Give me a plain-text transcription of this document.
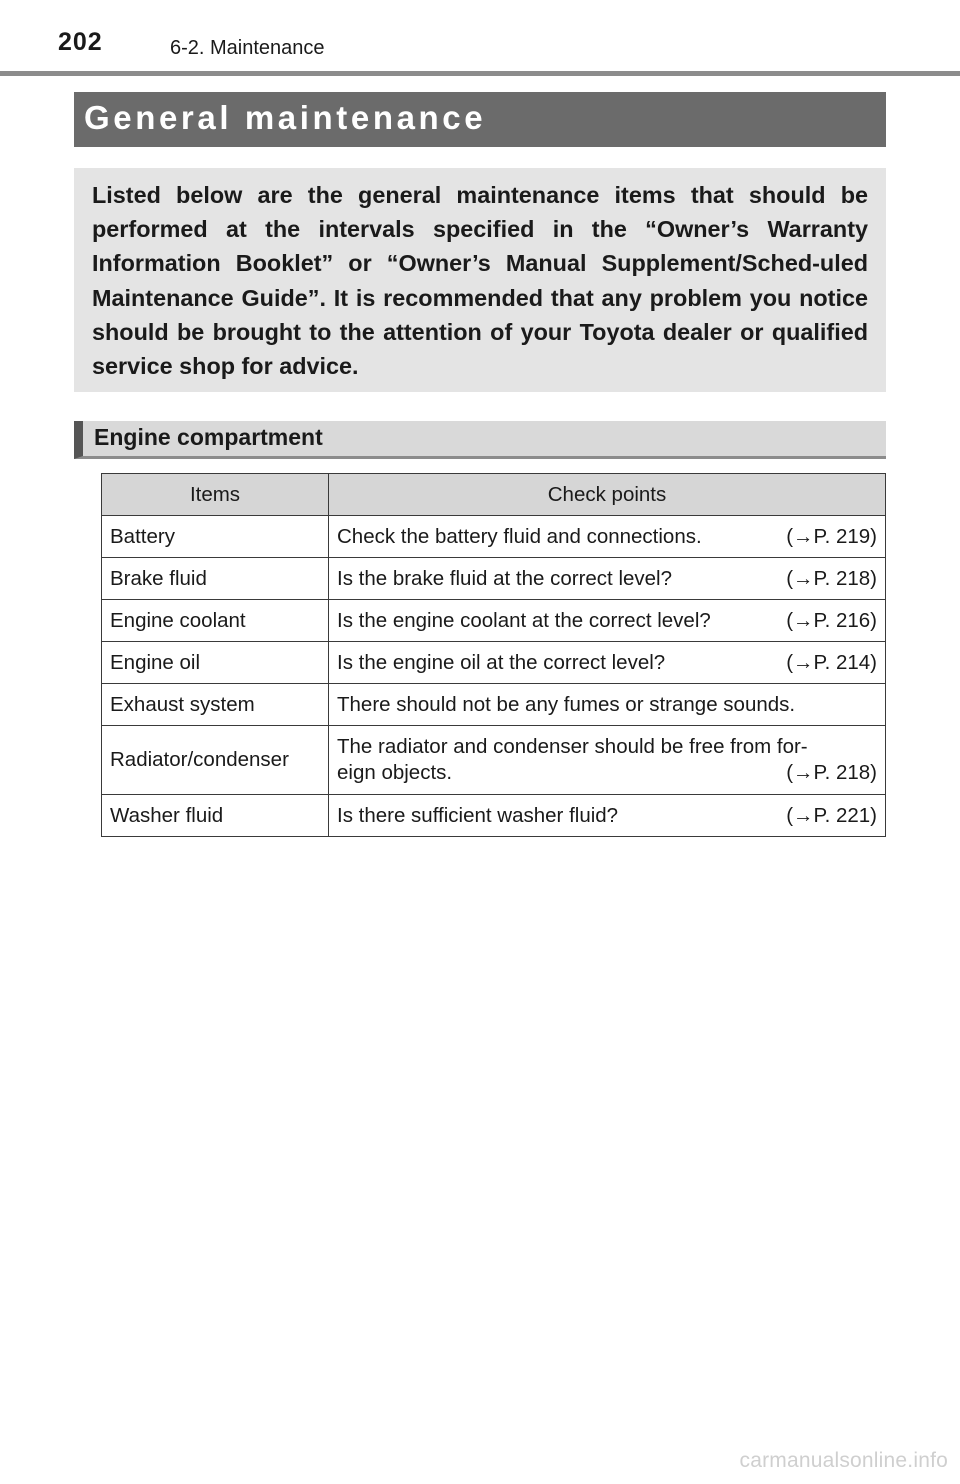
202	6-2. Maintenance
General maintenance

Listed below are the general maintenance items that should be performed at the intervals specified in the “Owner’s Warranty Information Booklet” or “Owner’s Manual Supplement/Sched-uled Maintenance Guide”. It is recommended that any problem you notice should be brought to the attention of your Toyota dealer or qualified service shop for advice.

Engine compartment
Items	Check points
Battery	Check the battery fluid and connections. (→P. 219)

Brake fluid	Is the brake fluid at the correct level? (→P. 218)

Engine coolant	Is the engine coolant at the correct level? (→P. 216)

Engine oil	Is the engine oil at the correct level? (→P. 214)

Exhaust system	There should not be any fumes or strange sounds.
Radiator/condenser	The radiator and condenser should be free from for-
eign objects. (→P. 218)

Washer fluid	Is there sufficient washer fluid? (→P. 221)
carmanualsonline.info
